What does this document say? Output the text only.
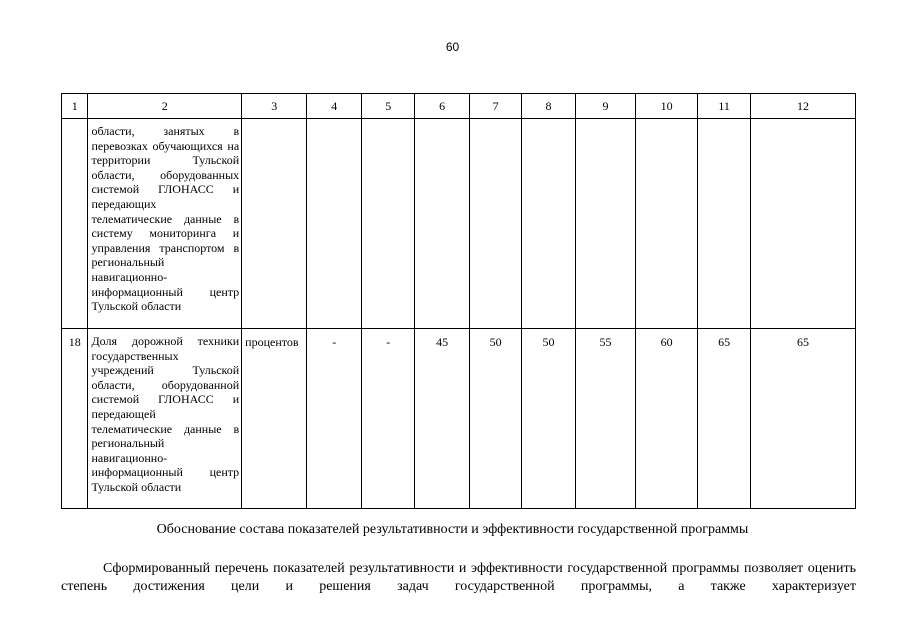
60
1	2	3	4	5	6	7	8	9	10	11	12
	области, занятых в перевозках обучающихся на территории Тульской области, оборудованных системой ГЛОНАСС и передающих телематические данные в систему мониторинга и управления транспортом в региональный навигационно-информационный центр Тульской области										
18	Доля дорожной техники государственных учреждений Тульской области, оборудованной системой ГЛОНАСС и передающей телематические данные в региональный навигационно-информационный центр Тульской области	процентов	-	-	45	50	50	55	60	65	65
Обоснование состава показателей результативности и эффективности государственной программы

Сформированный перечень показателей результативности и эффективности государственной программы позволяет оценить степень достижения цели и решения задач государственной программы, а также характеризует
